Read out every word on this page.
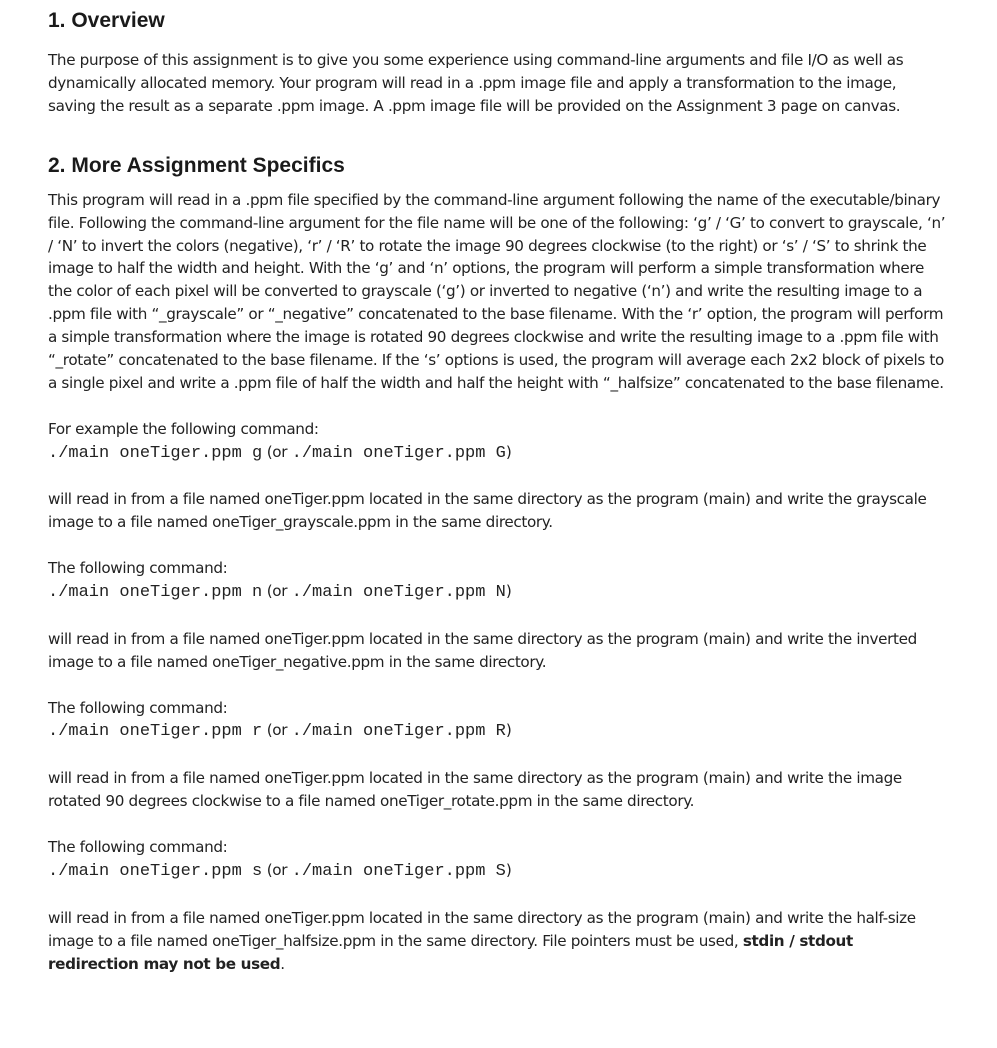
1. Overview

The purpose of this assignment is to give you some experience using command-line arguments and file I/O as well as dynamically allocated memory. Your program will read in a .ppm image file and apply a transformation to the image, saving the result as a separate .ppm image. A .ppm image file will be provided on the Assignment 3 page on canvas.

2. More Assignment Specifics

This program will read in a .ppm file specified by the command-line argument following the name of the executable/binary file. Following the command-line argument for the file name will be one of the following: ‘g’ / ‘G’ to convert to grayscale, ‘n’ / ‘N’ to invert the colors (negative), ‘r’ / ‘R’ to rotate the image 90 degrees clockwise (to the right) or ‘s’ / ‘S’ to shrink the image to half the width and height. With the ‘g’ and ‘n’ options, the program will perform a simple transformation where the color of each pixel will be converted to grayscale (‘g’) or inverted to negative (‘n’) and write the resulting image to a .ppm file with “_grayscale” or “_negative” concatenated to the base filename. With the ‘r’ option, the program will perform a simple transformation where the image is rotated 90 degrees clockwise and write the resulting image to a .ppm file with “_rotate” concatenated to the base filename. If the ‘s’ options is used, the program will average each 2x2 block of pixels to a single pixel and write a .ppm file of half the width and half the height with “_halfsize” concatenated to the base filename.

For example the following command:

./main oneTiger.ppm g (or ./main oneTiger.ppm G)

will read in from a file named oneTiger.ppm located in the same directory as the program (main) and write the grayscale image to a file named oneTiger_grayscale.ppm in the same directory.

The following command:

./main oneTiger.ppm n (or ./main oneTiger.ppm N)

will read in from a file named oneTiger.ppm located in the same directory as the program (main) and write the inverted image to a file named oneTiger_negative.ppm in the same directory.

The following command:

./main oneTiger.ppm r (or ./main oneTiger.ppm R)

will read in from a file named oneTiger.ppm located in the same directory as the program (main) and write the image rotated 90 degrees clockwise to a file named oneTiger_rotate.ppm in the same directory.

The following command:

./main oneTiger.ppm s (or ./main oneTiger.ppm S)

will read in from a file named oneTiger.ppm located in the same directory as the program (main) and write the half-size image to a file named oneTiger_halfsize.ppm in the same directory. File pointers must be used, stdin / stdout redirection may not be used.
